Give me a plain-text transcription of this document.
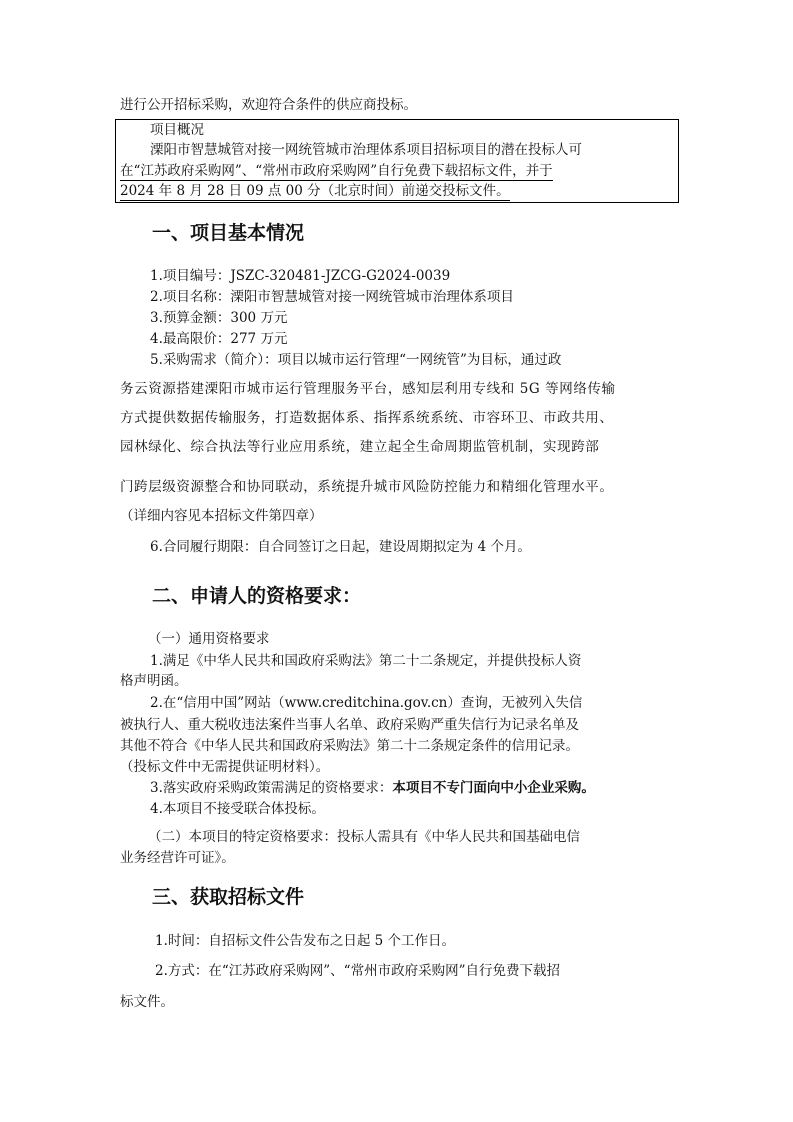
进行公开招标采购，欢迎符合条件的供应商投标。
项目概况
溧阳市智慧城管对接一网统管城市治理体系项目招标项目的潜在投标人可
在“江苏政府采购网”、“常州市政府采购网”自行免费下载招标文件，并于
2024 年 8 月 28 日 09 点 00 分（北京时间）前递交投标文件。
一、项目基本情况
1.项目编号：JSZC-320481-JZCG-G2024-0039
2.项目名称：溧阳市智慧城管对接一网统管城市治理体系项目
3.预算金额：300 万元
4.最高限价：277 万元
5.采购需求（简介）：项目以城市运行管理“一网统管”为目标，通过政
务云资源搭建溧阳市城市运行管理服务平台，感知层利用专线和 5G 等网络传输
方式提供数据传输服务，打造数据体系、指挥系统系统、市容环卫、市政共用、
园林绿化、综合执法等行业应用系统，建立起全生命周期监管机制，实现跨部
门跨层级资源整合和协同联动，系统提升城市风险防控能力和精细化管理水平。
（详细内容见本招标文件第四章）
6.合同履行期限：自合同签订之日起，建设周期拟定为 4 个月。
二、申请人的资格要求：
（一）通用资格要求
1.满足《中华人民共和国政府采购法》第二十二条规定，并提供投标人资
格声明函。
2.在“信用中国”网站（www.creditchina.gov.cn）查询，无被列入失信
被执行人、重大税收违法案件当事人名单、政府采购严重失信行为记录名单及
其他不符合《中华人民共和国政府采购法》第二十二条规定条件的信用记录。
（投标文件中无需提供证明材料）。
3.落实政府采购政策需满足的资格要求：本项目不专门面向中小企业采购。
4.本项目不接受联合体投标。
（二）本项目的特定资格要求：投标人需具有《中华人民共和国基础电信
业务经营许可证》。
三、获取招标文件
1.时间：自招标文件公告发布之日起 5 个工作日。
2.方式：在“江苏政府采购网”、“常州市政府采购网”自行免费下载招
标文件。
